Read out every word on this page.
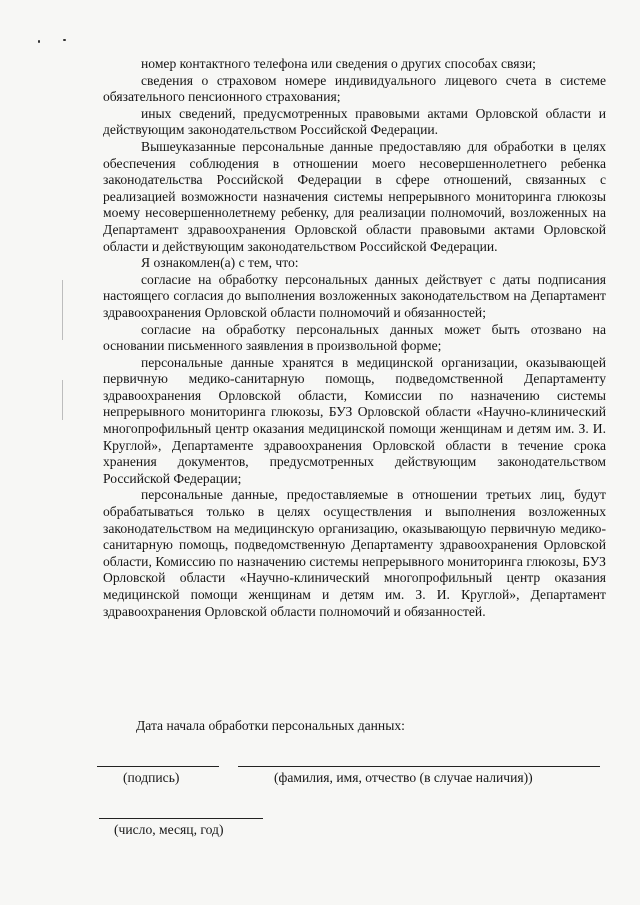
номер контактного телефона или сведения о других способах связи;

сведения о страховом номере индивидуального лицевого счета в системе обязательного пенсионного страхования;

иных сведений, предусмотренных правовыми актами Орловской области и действующим законодательством Российской Федерации.

Вышеуказанные персональные данные предоставляю для обработки в целях обеспечения соблюдения в отношении моего несовершеннолетнего ребенка законодательства Российской Федерации в сфере отношений, связанных с реализацией возможности назначения системы непрерывного мониторинга глюкозы моему несовершеннолетнему ребенку, для реализации полномочий, возложенных на Департамент здравоохранения Орловской области правовыми актами Орловской области и действующим законодательством Российской Федерации.

Я ознакомлен(а) с тем, что:

согласие на обработку персональных данных действует с даты подписания настоящего согласия до выполнения возложенных законодательством на Департамент здравоохранения Орловской области полномочий и обязанностей;

согласие на обработку персональных данных может быть отозвано на основании письменного заявления в произвольной форме;

персональные данные хранятся в медицинской организации, оказывающей первичную медико-санитарную помощь, подведомственной Департаменту здравоохранения Орловской области, Комиссии по назначению системы непрерывного мониторинга глюкозы, БУЗ Орловской области «Научно-клинический многопрофильный центр оказания медицинской помощи женщинам и детям им. З. И. Круглой», Департаменте здравоохранения Орловской области в течение срока хранения документов, предусмотренных действующим законодательством Российской Федерации;

персональные данные, предоставляемые в отношении третьих лиц, будут обрабатываться только в целях осуществления и выполнения возложенных законодательством на медицинскую организацию, оказывающую первичную медико-санитарную помощь, подведомственную Департаменту здравоохранения Орловской области, Комиссию по назначению системы непрерывного мониторинга глюкозы, БУЗ Орловской области «Научно-клинический многопрофильный центр оказания медицинской помощи женщинам и детям им. З. И. Круглой», Департамент здравоохранения Орловской области полномочий и обязанностей.

Дата начала обработки персональных данных:
(подпись)	(фамилия, имя, отчество (в случае наличия))
(число, месяц, год)
